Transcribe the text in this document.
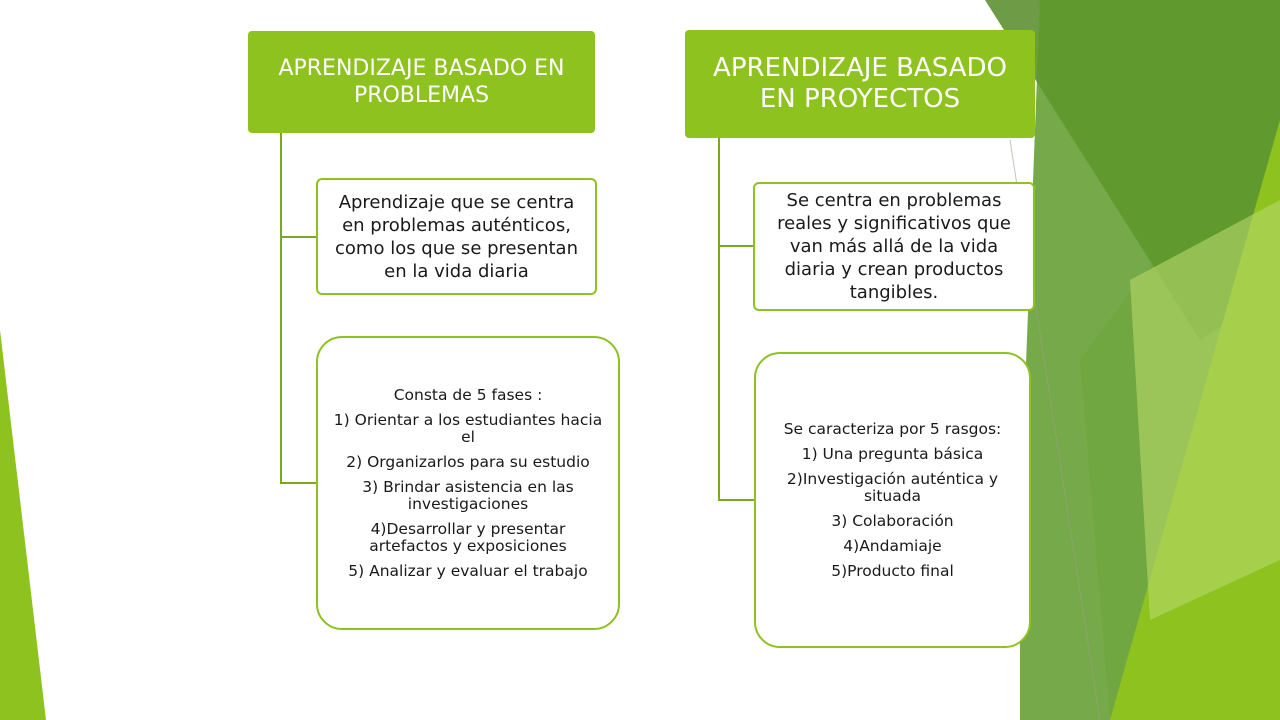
APRENDIZAJE BASADO EN PROBLEMAS

Aprendizaje que se centra en problemas auténticos, como los que se presentan en la vida diaria

Consta de 5 fases :

1) Orientar a los estudiantes hacia el

2) Organizarlos para su estudio

3) Brindar asistencia en las investigaciones

4)Desarrollar y presentar artefactos y exposiciones

5) Analizar y evaluar el trabajo

APRENDIZAJE BASADO EN PROYECTOS

Se centra en problemas reales y significativos que van más allá de la vida diaria y crean productos tangibles.

Se caracteriza por 5 rasgos:

1) Una pregunta básica

2)Investigación auténtica y situada

3) Colaboración

4)Andamiaje

5)Producto final
